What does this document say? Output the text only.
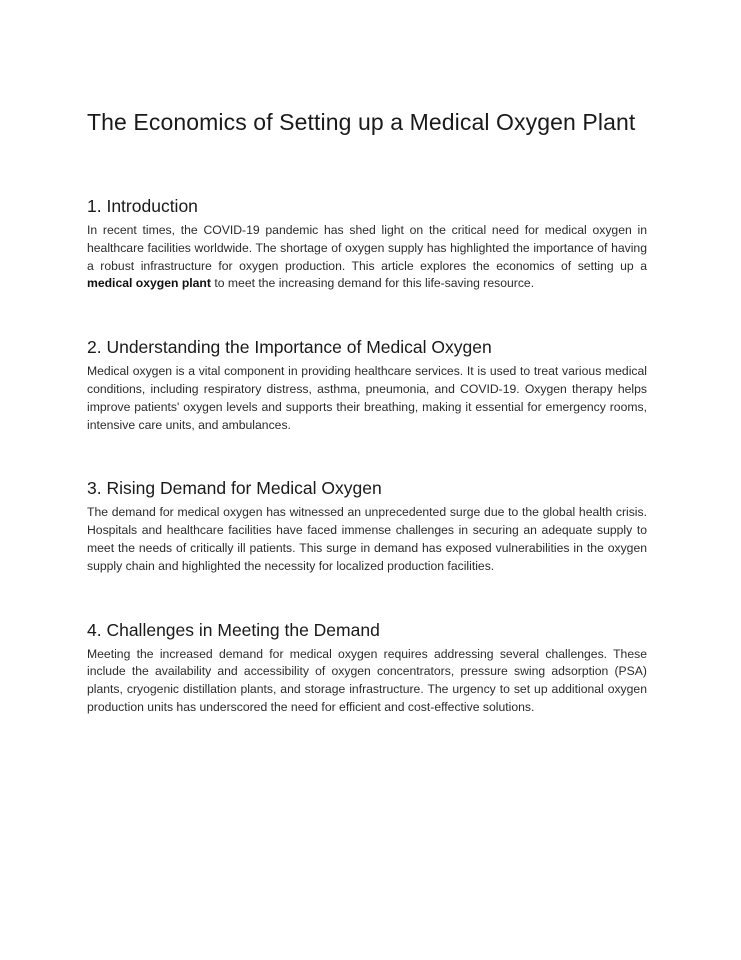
The Economics of Setting up a Medical Oxygen Plant
1. Introduction

In recent times, the COVID-19 pandemic has shed light on the critical need for medical oxygen in healthcare facilities worldwide. The shortage of oxygen supply has highlighted the importance of having a robust infrastructure for oxygen production. This article explores the economics of setting up a medical oxygen plant to meet the increasing demand for this life-saving resource.

2. Understanding the Importance of Medical Oxygen

Medical oxygen is a vital component in providing healthcare services. It is used to treat various medical conditions, including respiratory distress, asthma, pneumonia, and COVID-19. Oxygen therapy helps improve patients' oxygen levels and supports their breathing, making it essential for emergency rooms, intensive care units, and ambulances.

3. Rising Demand for Medical Oxygen

The demand for medical oxygen has witnessed an unprecedented surge due to the global health crisis. Hospitals and healthcare facilities have faced immense challenges in securing an adequate supply to meet the needs of critically ill patients. This surge in demand has exposed vulnerabilities in the oxygen supply chain and highlighted the necessity for localized production facilities.

4. Challenges in Meeting the Demand

Meeting the increased demand for medical oxygen requires addressing several challenges. These include the availability and accessibility of oxygen concentrators, pressure swing adsorption (PSA) plants, cryogenic distillation plants, and storage infrastructure. The urgency to set up additional oxygen production units has underscored the need for efficient and cost-effective solutions.
